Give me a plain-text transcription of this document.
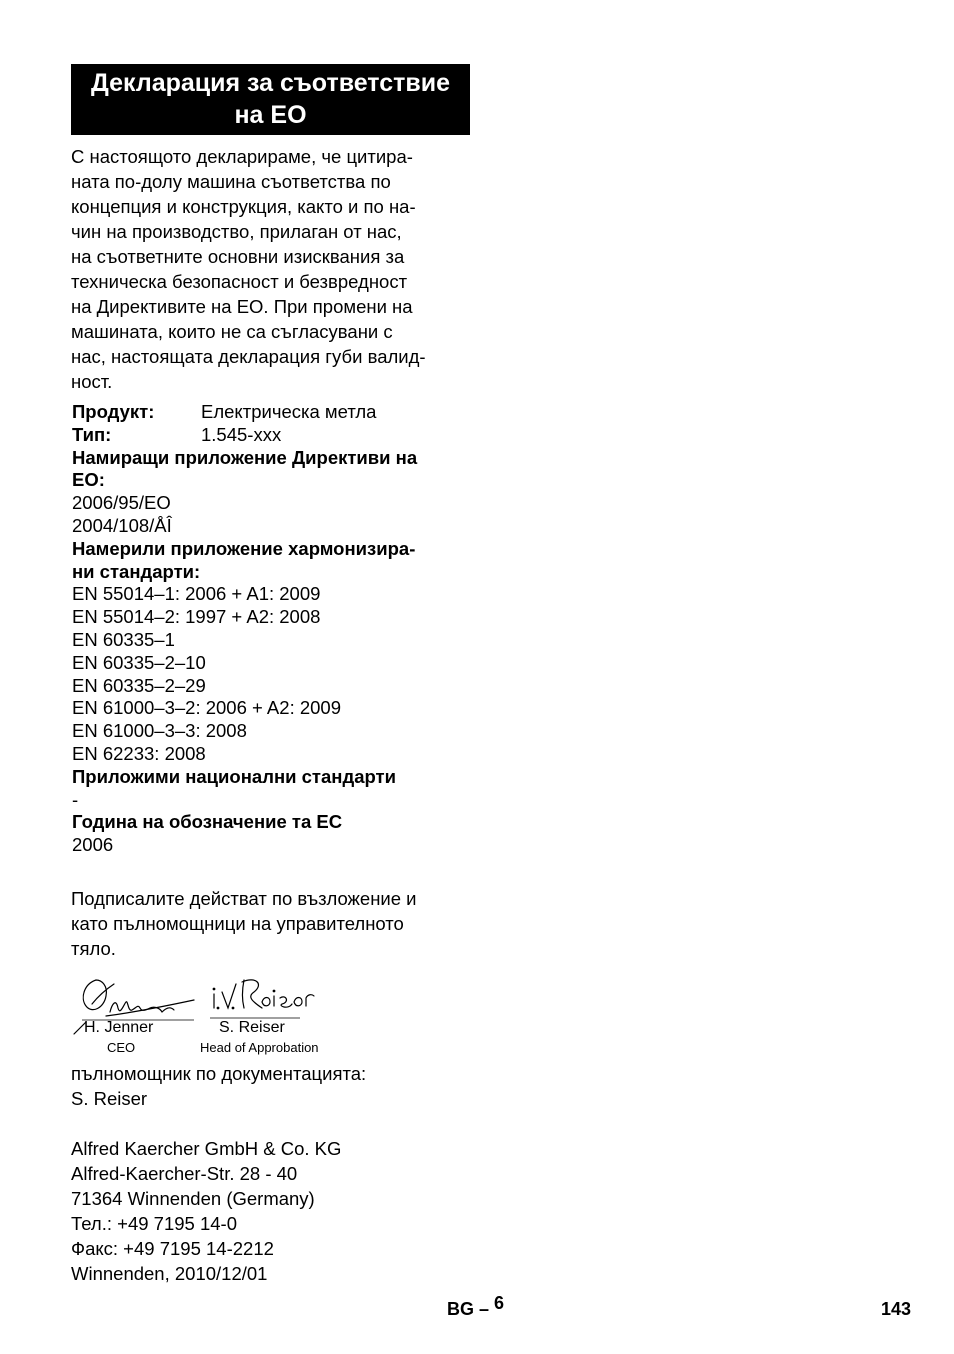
Декларация за съответствие
на ЕО
С настоящото декларираме, че цитира-
ната по-долу машина съответства по
концепция и конструкция, както и по на-
чин на производство, прилаган от нас,
на съответните основни изисквания за
техническа безопасност и безвредност
на Директивите на ЕО. При промени на
машината, които не са съгласувани с
нас, настоящата декларация губи валид-
ност.
Продукт:	Електрическа метла
Тип:	1.545-xxx
Намиращи приложение Директиви на
ЕО:
2006/95/ЕО
2004/108/ÅÎ
Намерили приложение хармонизира-
ни стандарти:
EN 55014–1: 2006 + A1: 2009
EN 55014–2: 1997 + A2: 2008
EN 60335–1
EN 60335–2–10
EN 60335–2–29
EN 61000–3–2: 2006 + A2: 2009
EN 61000–3–3: 2008
EN 62233: 2008
Приложими национални стандарти
-
Година на обозначение та ЕС
2006
Подписалите действат по възложение и
като пълномощници на управителното
тяло.
H. Jenner
CEO
S. Reiser
Head of Approbation
пълномощник по документацията:
S. Reiser
Alfred Kaercher GmbH & Co. KG
Alfred-Kaercher-Str. 28 - 40
71364 Winnenden (Germany)
Тел.: +49 7195 14-0
Факс: +49 7195 14-2212
Winnenden, 2010/12/01
BG – 6	143
